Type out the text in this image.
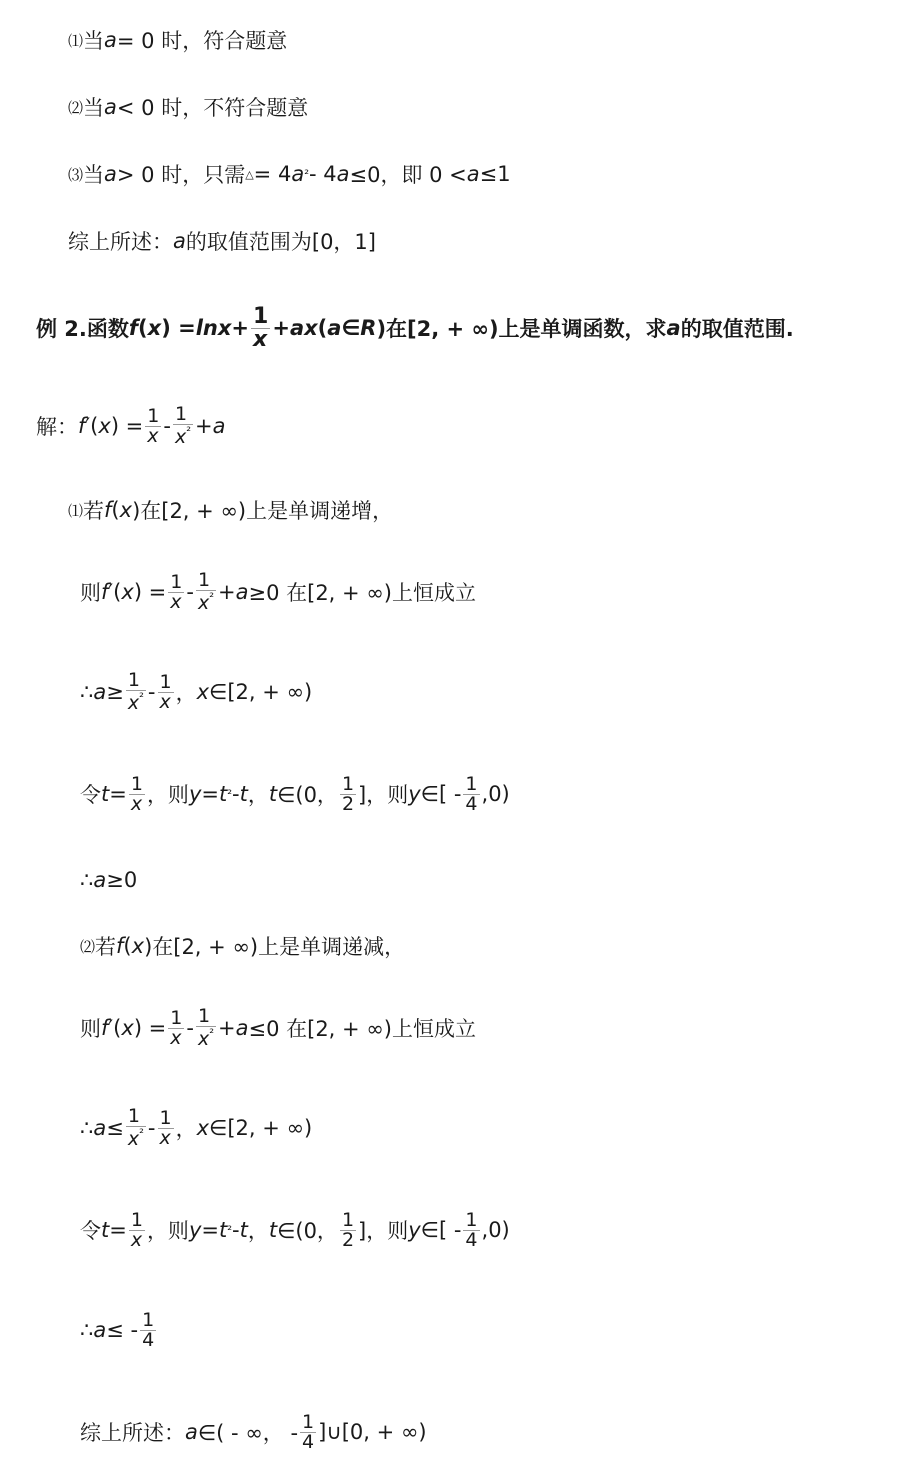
⑴ 当 a = 0 时，符合题意
⑵ 当 a < 0 时，不符合题意
⑶ 当 a > 0 时，只需 △ = 4 a ² - 4 a ≤0，即 0 < a ≤1
综上所述： a 的取值范围为[0，1]
例 2.函数 f ( x ) = lnx + 1
x + ax ( a ∈ R )在[2, + ∞)上是单调函数，求 a 的取值范围.
解： f ′( x ) = 1
x - 1
$x^{^2} + a$
⑴ 若 f ( x )在[2, + ∞)上是单调递增，
则 f ′( x ) = 1
x - 1
$x^{^2} + a \ge 0$ 在[2, + ∞)上恒成立
∴ a ≥ 1
$x^{^2} - 1$
x ， x ∈[2, + ∞)
令 t = 1
x ，则 y = t ² - t ， t ∈(0， 1
2 ]，则 y ∈[ - 1
4 ,0)
∴ a ≥0
⑵ 若 f ( x )在[2, + ∞)上是单调递减，
则 f ′( x ) = 1
x - 1
$x^{^2} + a \le 0$ 在[2, + ∞)上恒成立
∴ a ≤ 1
$x^{^2} - 1$
x ， x ∈[2, + ∞)
令 t = 1
x ，则 y = t ² - t ， t ∈(0， 1
2 ]，则 y ∈[ - 1
4 ,0)
∴ a ≤ - 1
4
综上所述： a ∈( - ∞， - 1
4 ]∪[0, + ∞)
